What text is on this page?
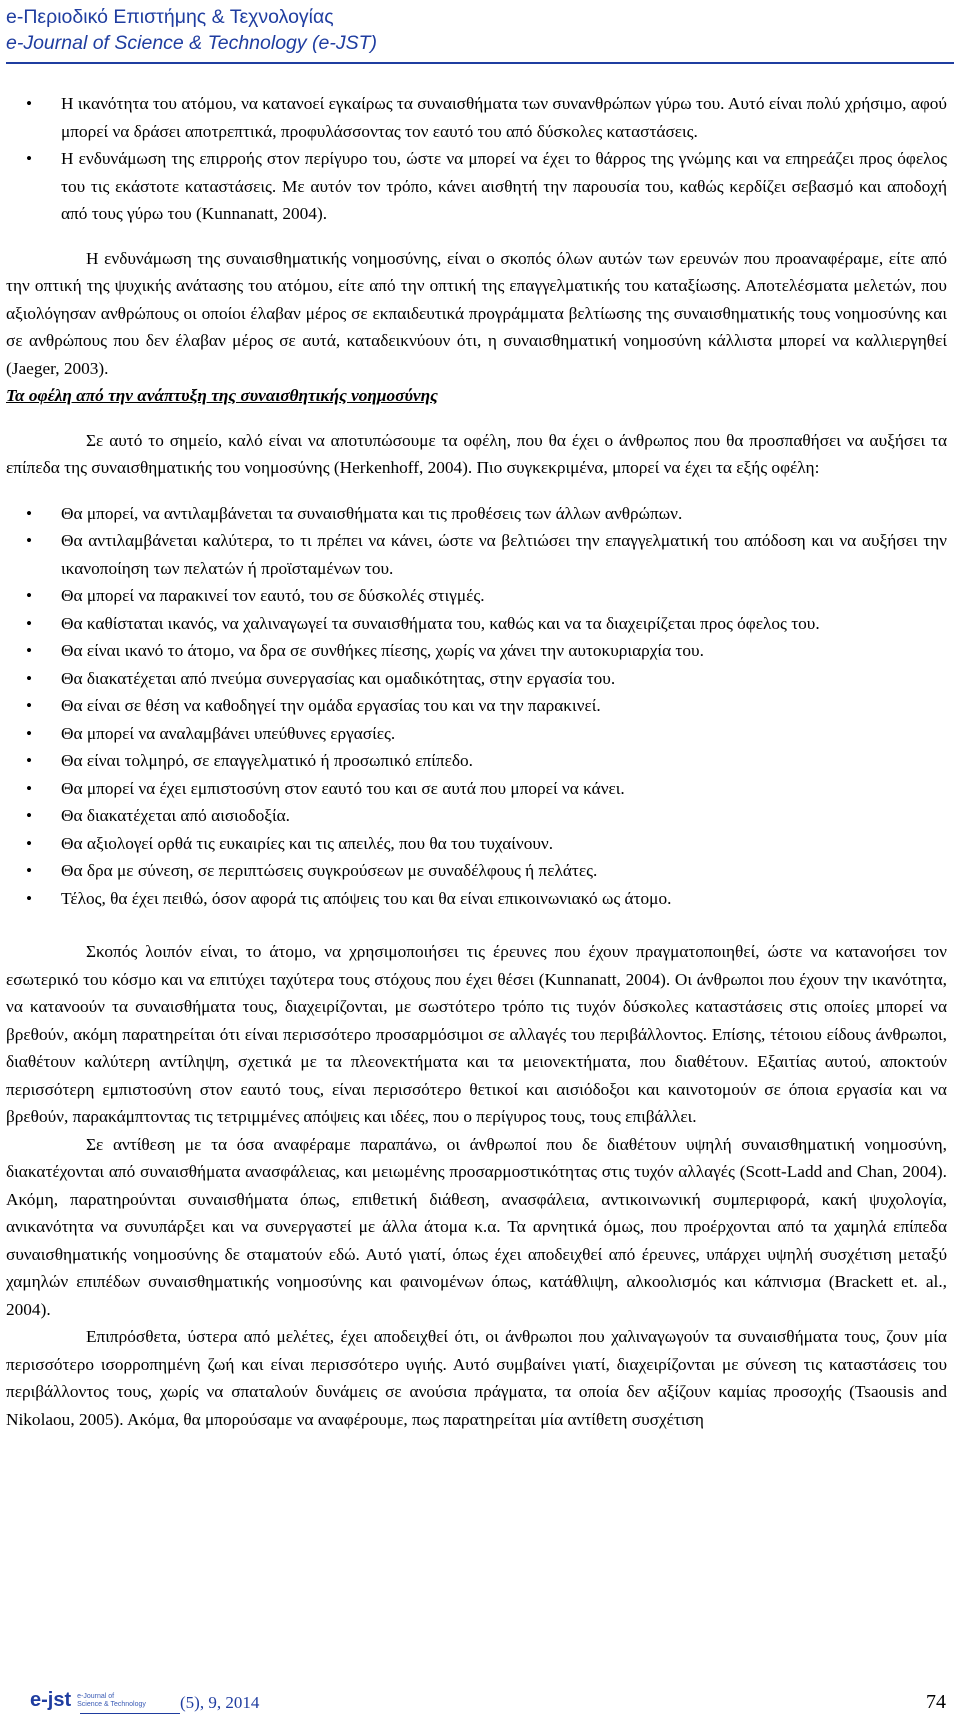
e-Περιοδικό Επιστήμης & Τεχνολογίας
e-Journal of Science & Technology (e-JST)
• Η ικανότητα του ατόμου, να κατανοεί εγκαίρως τα συναισθήματα των συνανθρώπων γύρω του. Αυτό είναι πολύ χρήσιμο, αφού μπορεί να δράσει αποτρεπτικά, προφυλάσσοντας τον εαυτό του από δύσκολες καταστάσεις.
• Η ενδυνάμωση της επιρροής στον περίγυρο του, ώστε να μπορεί να έχει το θάρρος της γνώμης και να επηρεάζει προς όφελος του τις εκάστοτε καταστάσεις. Με αυτόν τον τρόπο, κάνει αισθητή την παρουσία του, καθώς κερδίζει σεβασμό και αποδοχή από τους γύρω του (Kunnanatt, 2004).

Η ενδυνάμωση της συναισθηματικής νοημοσύνης, είναι ο σκοπός όλων αυτών των ερευνών που προαναφέραμε, είτε από την οπτική της ψυχικής ανάτασης του ατόμου, είτε από την οπτική της επαγγελματικής του καταξίωσης. Αποτελέσματα μελετών, που αξιολόγησαν ανθρώπους οι οποίοι έλαβαν μέρος σε εκπαιδευτικά προγράμματα βελτίωσης της συναισθηματικής τους νοημοσύνης και σε ανθρώπους που δεν έλαβαν μέρος σε αυτά, καταδεικνύουν ότι, η συναισθηματική νοημοσύνη κάλλιστα μπορεί να καλλιεργηθεί (Jaeger, 2003).

Τα οφέλη από την ανάπτυξη της συναισθητικής νοημοσύνης

Σε αυτό το σημείο, καλό είναι να αποτυπώσουμε τα οφέλη, που θα έχει ο άνθρωπος που θα προσπαθήσει να αυξήσει τα επίπεδα της συναισθηματικής του νοημοσύνης (Herkenhoff, 2004). Πιο συγκεκριμένα, μπορεί να έχει τα εξής οφέλη:

• Θα μπορεί, να αντιλαμβάνεται τα συναισθήματα και τις προθέσεις των άλλων ανθρώπων.
• Θα αντιλαμβάνεται καλύτερα, το τι πρέπει να κάνει, ώστε να βελτιώσει την επαγγελματική του απόδοση και να αυξήσει την ικανοποίηση των πελατών ή προϊσταμένων του.
• Θα μπορεί να παρακινεί τον εαυτό, του σε δύσκολές στιγμές.
• Θα καθίσταται ικανός, να χαλιναγωγεί τα συναισθήματα του, καθώς και να τα διαχειρίζεται προς όφελος του.
• Θα είναι ικανό το άτομο, να δρα σε συνθήκες πίεσης, χωρίς να χάνει την αυτοκυριαρχία του.
• Θα διακατέχεται από πνεύμα συνεργασίας και ομαδικότητας, στην εργασία του.
• Θα είναι σε θέση να καθοδηγεί την ομάδα εργασίας του και να την παρακινεί.
• Θα μπορεί να αναλαμβάνει υπεύθυνες εργασίες.
• Θα είναι τολμηρό, σε επαγγελματικό ή προσωπικό επίπεδο.
• Θα μπορεί να έχει εμπιστοσύνη στον εαυτό του και σε αυτά που μπορεί να κάνει.
• Θα διακατέχεται από αισιοδοξία.
• Θα αξιολογεί ορθά τις ευκαιρίες και τις απειλές, που θα του τυχαίνουν.
• Θα δρα με σύνεση, σε περιπτώσεις συγκρούσεων με συναδέλφους ή πελάτες.
• Τέλος, θα έχει πειθώ, όσον αφορά τις απόψεις του και θα είναι επικοινωνιακό ως άτομο.

Σκοπός λοιπόν είναι, το άτομο, να χρησιμοποιήσει τις έρευνες που έχουν πραγματοποιηθεί, ώστε να κατανοήσει τον εσωτερικό του κόσμο και να επιτύχει ταχύτερα τους στόχους που έχει θέσει (Kunnanatt, 2004). Οι άνθρωποι που έχουν την ικανότητα, να κατανοούν τα συναισθήματα τους, διαχειρίζονται, με σωστότερο τρόπο τις τυχόν δύσκολες καταστάσεις στις οποίες μπορεί να βρεθούν, ακόμη παρατηρείται ότι είναι περισσότερο προσαρμόσιμοι σε αλλαγές του περιβάλλοντος. Επίσης, τέτοιου είδους άνθρωποι, διαθέτουν καλύτερη αντίληψη, σχετικά με τα πλεονεκτήματα και τα μειονεκτήματα, που διαθέτουν. Εξαιτίας αυτού, αποκτούν περισσότερη εμπιστοσύνη στον εαυτό τους, είναι περισσότερο θετικοί και αισιόδοξοι και καινοτομούν σε όποια εργασία και να βρεθούν, παρακάμπτοντας τις τετριμμένες απόψεις και ιδέες, που ο περίγυρος τους, τους επιβάλλει.

Σε αντίθεση με τα όσα αναφέραμε παραπάνω, οι άνθρωποί που δε διαθέτουν υψηλή συναισθηματική νοημοσύνη, διακατέχονται από συναισθήματα ανασφάλειας, και μειωμένης προσαρμοστικότητας στις τυχόν αλλαγές (Scott-Ladd and Chan, 2004). Ακόμη, παρατηρούνται συναισθήματα όπως, επιθετική διάθεση, ανασφάλεια, αντικοινωνική συμπεριφορά, κακή ψυχολογία, ανικανότητα να συνυπάρξει και να συνεργαστεί με άλλα άτομα κ.α. Τα αρνητικά όμως, που προέρχονται από τα χαμηλά επίπεδα συναισθηματικής νοημοσύνης δε σταματούν εδώ. Αυτό γιατί, όπως έχει αποδειχθεί από έρευνες, υπάρχει υψηλή συσχέτιση μεταξύ χαμηλών επιπέδων συναισθηματικής νοημοσύνης και φαινομένων όπως, κατάθλιψη, αλκοολισμός και κάπνισμα (Brackett et. al., 2004).

Επιπρόσθετα, ύστερα από μελέτες, έχει αποδειχθεί ότι, οι άνθρωποι που χαλιναγωγούν τα συναισθήματα τους, ζουν μία περισσότερο ισορροπημένη ζωή και είναι περισσότερο υγιής. Αυτό συμβαίνει γιατί, διαχειρίζονται με σύνεση τις καταστάσεις του περιβάλλοντος τους, χωρίς να σπαταλούν δυνάμεις σε ανούσια πράγματα, τα οποία δεν αξίζουν καμίας προσοχής (Tsaousis and Nikolaou, 2005). Ακόμα, θα μπορούσαμε να αναφέρουμε, πως παρατηρείται μία αντίθετη συσχέτιση

e-jst e-Journal of
Science & Technology (5), 9, 2014	74
